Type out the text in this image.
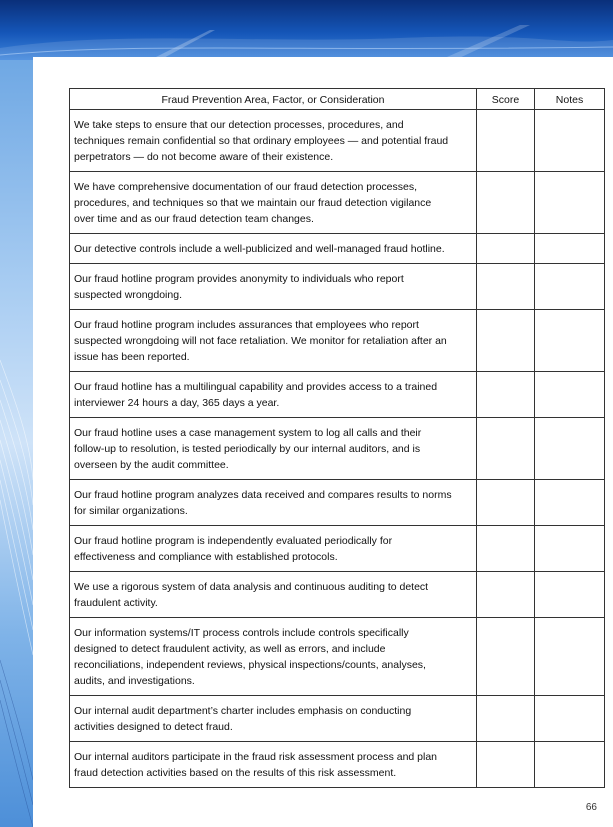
Fraud Prevention Area, Factor, or Consideration	Score	Notes
We take steps to ensure that our detection processes, procedures, and techniques remain confidential so that ordinary employees — and potential fraud perpetrators — do not become aware of their existence.		
We have comprehensive documentation of our fraud detection processes, procedures, and techniques so that we maintain our fraud detection vigilance over time and as our fraud detection team changes.		
Our detective controls include a well-publicized and well-managed fraud hotline.		
Our fraud hotline program provides anonymity to individuals who report suspected wrongdoing.		
Our fraud hotline program includes assurances that employees who report suspected wrongdoing will not face retaliation. We monitor for retaliation after an issue has been reported.		
Our fraud hotline has a multilingual capability and provides access to a trained interviewer 24 hours a day, 365 days a year.		
Our fraud hotline uses a case management system to log all calls and their follow-up to resolution, is tested periodically by our internal auditors, and is overseen by the audit committee.		
Our fraud hotline program analyzes data received and compares results to norms for similar organizations.		
Our fraud hotline program is independently evaluated periodically for effectiveness and compliance with established protocols.		
We use a rigorous system of data analysis and continuous auditing to detect fraudulent activity.		
Our information systems/IT process controls include controls specifically designed to detect fraudulent activity, as well as errors, and include reconciliations, independent reviews, physical inspections/counts, analyses, audits, and investigations.		
Our internal audit department’s charter includes emphasis on conducting activities designed to detect fraud.		
Our internal auditors participate in the fraud risk assessment process and plan fraud detection activities based on the results of this risk assessment.		
66
